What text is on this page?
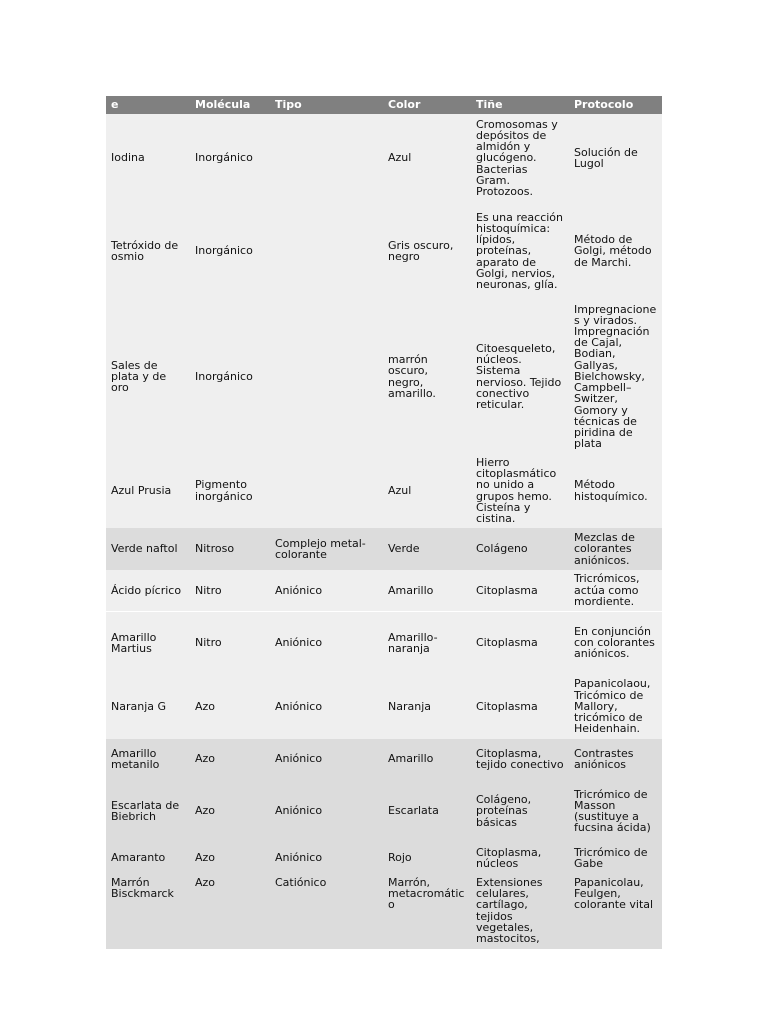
e	Molécula	Tipo	Color	Tiñe	Protocolo
Iodina	Inorgánico		Azul	Cromosomas y depósitos de almidón y glucógeno. Bacterias Gram. Protozoos.	Solución de Lugol
Tetróxido de osmio	Inorgánico		Gris oscuro, negro	Es una reacción histoquímica: lípidos, proteínas, aparato de Golgi, nervios, neuronas, glía.	Método de Golgi, método de Marchi.
Sales de plata y de oro	Inorgánico		marrón oscuro, negro, amarillo.	Citoesqueleto, núcleos. Sistema nervioso. Tejido conectivo reticular.	Impregnaciones y virados. Impregnación de Cajal, Bodian, Gallyas, Bielchowsky, Campbell–Switzer, Gomory y técnicas de piridina de plata
Azul Prusia	Pigmento inorgánico		Azul	Hierro citoplasmático no unido a grupos hemo. Cisteína y cistina.	Método histoquímico.
Verde naftol	Nitroso	Complejo metal-colorante	Verde	Colágeno	Mezclas de colorantes aniónicos.
Ácido pícrico	Nitro	Aniónico	Amarillo	Citoplasma	Tricrómicos, actúa como mordiente.
Amarillo Martius	Nitro	Aniónico	Amarillo-naranja	Citoplasma	En conjunción con colorantes aniónicos.
Naranja G	Azo	Aniónico	Naranja	Citoplasma	Papanicolaou, Tricómico de Mallory, tricómico de Heidenhain.
Amarillo metanilo	Azo	Aniónico	Amarillo	Citoplasma, tejido conectivo	Contrastes aniónicos
Escarlata de Biebrich	Azo	Aniónico	Escarlata	Colágeno, proteínas básicas	Tricrómico de Masson (sustituye a fucsina ácida)
Amaranto	Azo	Aniónico	Rojo	Citoplasma, núcleos	Tricrómico de Gabe
Marrón Bisckmarck	Azo	Catiónico	Marrón, metacromático	Extensiones celulares, cartílago, tejidos vegetales, mastocitos,	Papanicolau, Feulgen, colorante vital
